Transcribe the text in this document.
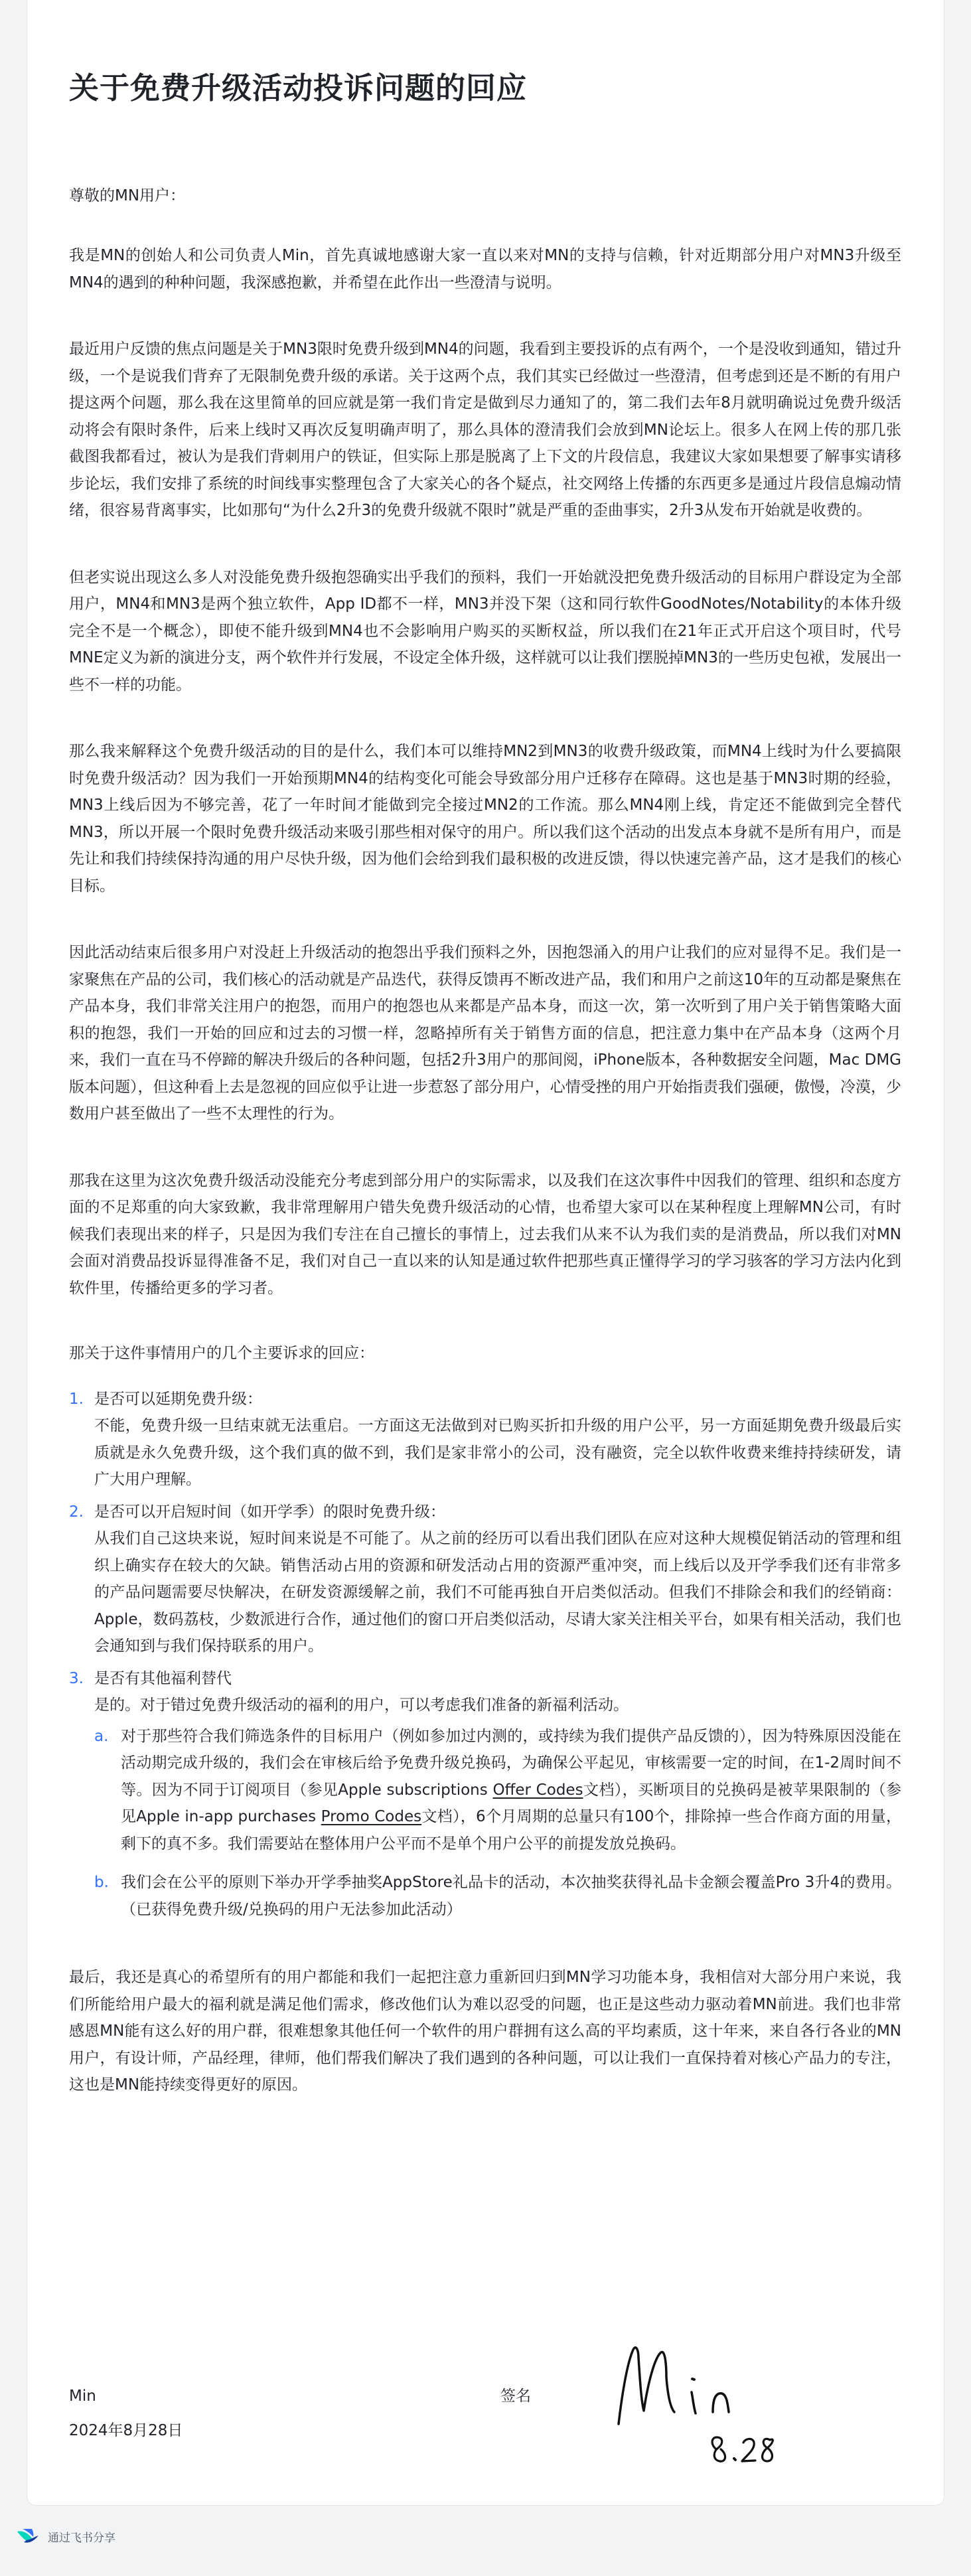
关于免费升级活动投诉问题的回应

尊敬的MN用户：

我是MN的创始人和公司负责人Min，首先真诚地感谢大家一直以来对MN的支持与信赖，针对近期部分用户对MN3升级至MN4的遇到的种种问题，我深感抱歉，并希望在此作出一些澄清与说明。

最近用户反馈的焦点问题是关于MN3限时免费升级到MN4的问题，我看到主要投诉的点有两个，一个是没收到通知，错过升级，一个是说我们背弃了无限制免费升级的承诺。关于这两个点，我们其实已经做过一些澄清，但考虑到还是不断的有用户提这两个问题，那么我在这里简单的回应就是第一我们肯定是做到尽力通知了的，第二我们去年8月就明确说过免费升级活动将会有限时条件，后来上线时又再次反复明确声明了，那么具体的澄清我们会放到MN论坛上。很多人在网上传的那几张截图我都看过，被认为是我们背刺用户的铁证，但实际上那是脱离了上下文的片段信息，我建议大家如果想要了解事实请移步论坛，我们安排了系统的时间线事实整理包含了大家关心的各个疑点，社交网络上传播的东西更多是通过片段信息煽动情绪，很容易背离事实，比如那句“为什么2升3的免费升级就不限时”就是严重的歪曲事实，2升3从发布开始就是收费的。

但老实说出现这么多人对没能免费升级抱怨确实出乎我们的预料，我们一开始就没把免费升级活动的目标用户群设定为全部用户，MN4和MN3是两个独立软件，App ID都不一样，MN3并没下架（这和同行软件GoodNotes/Notability的本体升级完全不是一个概念），即使不能升级到MN4也不会影响用户购买的买断权益，所以我们在21年正式开启这个项目时，代号MNE定义为新的演进分支，两个软件并行发展，不设定全体升级，这样就可以让我们摆脱掉MN3的一些历史包袱，发展出一些不一样的功能。

那么我来解释这个免费升级活动的目的是什么，我们本可以维持MN2到MN3的收费升级政策，而MN4上线时为什么要搞限时免费升级活动？因为我们一开始预期MN4的结构变化可能会导致部分用户迁移存在障碍。这也是基于MN3时期的经验，MN3上线后因为不够完善，花了一年时间才能做到完全接过MN2的工作流。那么MN4刚上线，肯定还不能做到完全替代MN3，所以开展一个限时免费升级活动来吸引那些相对保守的用户。所以我们这个活动的出发点本身就不是所有用户，而是先让和我们持续保持沟通的用户尽快升级，因为他们会给到我们最积极的改进反馈，得以快速完善产品，这才是我们的核心目标。

因此活动结束后很多用户对没赶上升级活动的抱怨出乎我们预料之外，因抱怨涌入的用户让我们的应对显得不足。我们是一家聚焦在产品的公司，我们核心的活动就是产品迭代，获得反馈再不断改进产品，我们和用户之前这10年的互动都是聚焦在产品本身，我们非常关注用户的抱怨，而用户的抱怨也从来都是产品本身，而这一次，第一次听到了用户关于销售策略大面积的抱怨，我们一开始的回应和过去的习惯一样，忽略掉所有关于销售方面的信息，把注意力集中在产品本身（这两个月来，我们一直在马不停蹄的解决升级后的各种问题，包括2升3用户的那间阅，iPhone版本，各种数据安全问题，Mac DMG版本问题），但这种看上去是忽视的回应似乎让进一步惹怒了部分用户，心情受挫的用户开始指责我们强硬，傲慢，冷漠，少数用户甚至做出了一些不太理性的行为。

那我在这里为这次免费升级活动没能充分考虑到部分用户的实际需求，以及我们在这次事件中因我们的管理、组织和态度方面的不足郑重的向大家致歉，我非常理解用户错失免费升级活动的心情，也希望大家可以在某种程度上理解MN公司，有时候我们表现出来的样子，只是因为我们专注在自己擅长的事情上，过去我们从来不认为我们卖的是消费品，所以我们对MN会面对消费品投诉显得准备不足，我们对自己一直以来的认知是通过软件把那些真正懂得学习的学习骇客的学习方法内化到软件里，传播给更多的学习者。

那关于这件事情用户的几个主要诉求的回应：

1. 是否可以延期免费升级：
不能，免费升级一旦结束就无法重启。一方面这无法做到对已购买折扣升级的用户公平，另一方面延期免费升级最后实质就是永久免费升级，这个我们真的做不到，我们是家非常小的公司，没有融资，完全以软件收费来维持持续研发，请广大用户理解。
2. 是否可以开启短时间（如开学季）的限时免费升级：
从我们自己这块来说，短时间来说是不可能了。从之前的经历可以看出我们团队在应对这种大规模促销活动的管理和组织上确实存在较大的欠缺。销售活动占用的资源和研发活动占用的资源严重冲突，而上线后以及开学季我们还有非常多的产品问题需要尽快解决，在研发资源缓解之前，我们不可能再独自开启类似活动。但我们不排除会和我们的经销商：Apple，数码荔枝，少数派进行合作，通过他们的窗口开启类似活动，尽请大家关注相关平台，如果有相关活动，我们也会通知到与我们保持联系的用户。
3. 是否有其他福利替代
是的。对于错过免费升级活动的福利的用户，可以考虑我们准备的新福利活动。
a. 对于那些符合我们筛选条件的目标用户（例如参加过内测的，或持续为我们提供产品反馈的），因为特殊原因没能在活动期完成升级的，我们会在审核后给予免费升级兑换码，为确保公平起见，审核需要一定的时间，在1-2周时间不等。因为不同于订阅项目（参见Apple subscriptions Offer Codes文档），买断项目的兑换码是被苹果限制的（参见Apple in-app purchases Promo Codes文档），6个月周期的总量只有100个，排除掉一些合作商方面的用量，剩下的真不多。我们需要站在整体用户公平而不是单个用户公平的前提发放兑换码。
b. 我们会在公平的原则下举办开学季抽奖AppStore礼品卡的活动，本次抽奖获得礼品卡金额会覆盖Pro 3升4的费用。（已获得免费升级/兑换码的用户无法参加此活动）

最后，我还是真心的希望所有的用户都能和我们一起把注意力重新回归到MN学习功能本身，我相信对大部分用户来说，我们所能给用户最大的福利就是满足他们需求，修改他们认为难以忍受的问题，也正是这些动力驱动着MN前进。我们也非常感恩MN能有这么好的用户群，很难想象其他任何一个软件的用户群拥有这么高的平均素质，这十年来，来自各行各业的MN用户，有设计师，产品经理，律师，他们帮我们解决了我们遇到的各种问题，可以让我们一直保持着对核心产品力的专注，这也是MN能持续变得更好的原因。

Min
2024年8月28日
签名
通过飞书分享
